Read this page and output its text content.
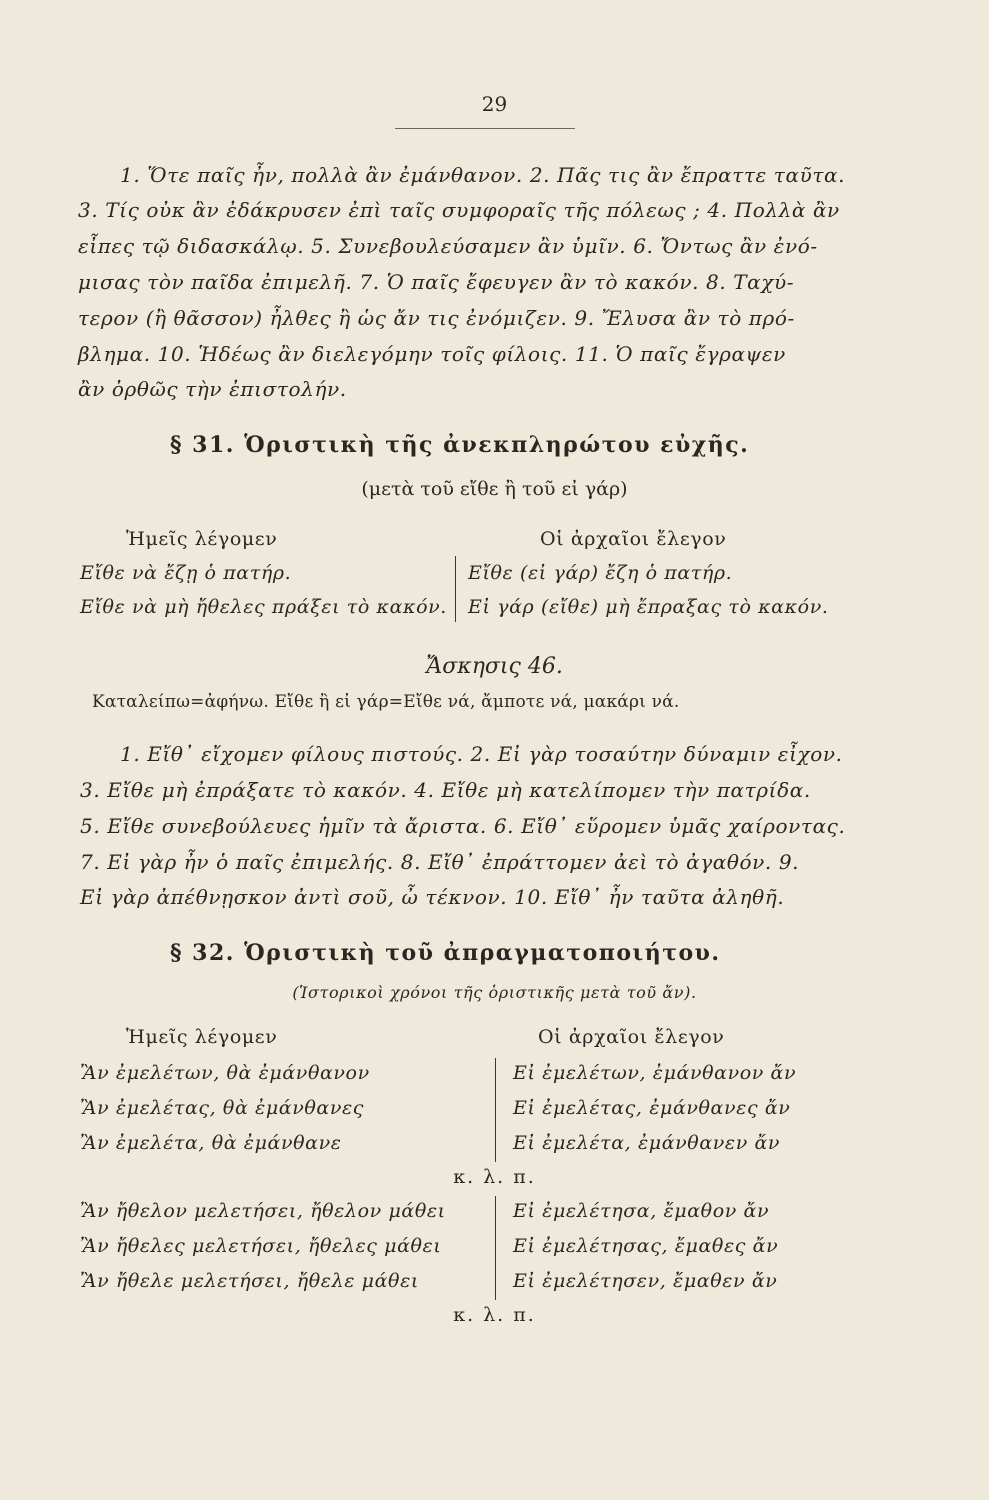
29
1. Ὅτε παῖς ἦν, πολλὰ ἂν ἐμάνθανον. 2. Πᾶς τις ἂν ἔπραττε ταῦτα.
3. Τίς οὐκ ἂν ἐδάκρυσεν ἐπὶ ταῖς συμφοραῖς τῆς πόλεως ; 4. Πολλὰ ἂν
εἶπες τῷ διδασκάλῳ. 5. Συνεβουλεύσαμεν ἂν ὑμῖν. 6. Ὄντως ἂν ἐνό-
μισας τὸν παῖδα ἐπιμελῆ. 7. Ὁ παῖς ἔφευγεν ἂν τὸ κακόν. 8. Ταχύ-
τερον (ἢ θᾶσσον) ἦλθες ἢ ὡς ἄν τις ἐνόμιζεν. 9. Ἔλυσα ἂν τὸ πρό-
βλημα. 10. Ἡδέως ἂν διελεγόμην τοῖς φίλοις. 11. Ὁ παῖς ἔγραψεν
ἂν ὀρθῶς τὴν ἐπιστολήν.
§ 31. Ὁριστικὴ τῆς ἀνεκπληρώτου εὐχῆς.
(μετὰ τοῦ εἴθε ἢ τοῦ εἰ γάρ)
Ἡμεῖς λέγομεν	Οἱ ἀρχαῖοι ἔλεγον
Εἴθε νὰ ἔζῃ ὁ πατήρ.
Εἴθε νὰ μὴ ἤθελες πράξει τὸ κακόν.
Εἴθε (εἰ γάρ) ἔζη ὁ πατήρ.
Εἰ γάρ (εἴθε) μὴ ἔπραξας τὸ κακόν.
Ἄσκησις 46.
Καταλείπω=ἀφήνω. Εἴθε ἢ εἰ γάρ=Εἴθε νά, ἄμποτε νά, μακάρι νά.
1. Εἴθ᾽ εἴχομεν φίλους πιστούς. 2. Εἰ γὰρ τοσαύτην δύναμιν εἶχον.
3. Εἴθε μὴ ἐπράξατε τὸ κακόν. 4. Εἴθε μὴ κατελίπομεν τὴν πατρίδα.
5. Εἴθε συνεβούλευες ἡμῖν τὰ ἄριστα. 6. Εἴθ᾽ εὕρομεν ὑμᾶς χαίροντας.
7. Εἰ γὰρ ἦν ὁ παῖς ἐπιμελής. 8. Εἴθ᾽ ἐπράττομεν ἀεὶ τὸ ἀγαθόν. 9.
Εἰ γὰρ ἀπέθνῃσκον ἀντὶ σοῦ, ὦ τέκνον. 10. Εἴθ᾽ ἦν ταῦτα ἀληθῆ.
§ 32. Ὁριστικὴ τοῦ ἀπραγματοποιήτου.
(Ἱστορικοὶ χρόνοι τῆς ὁριστικῆς μετὰ τοῦ ἄν).
Ἡμεῖς λέγομεν	Οἱ ἀρχαῖοι ἔλεγον
Ἂν ἐμελέτων, θὰ ἐμάνθανον
Ἂν ἐμελέτας, θὰ ἐμάνθανες
Ἂν ἐμελέτα, θὰ ἐμάνθανε
Εἰ ἐμελέτων, ἐμάνθανον ἄν
Εἰ ἐμελέτας, ἐμάνθανες ἄν
Εἰ ἐμελέτα, ἐμάνθανεν ἄν
κ. λ. π.
Ἂν ἤθελον μελετήσει, ἤθελον μάθει
Ἂν ἤθελες μελετήσει, ἤθελες μάθει
Ἂν ἤθελε μελετήσει, ἤθελε μάθει
Εἰ ἐμελέτησα, ἔμαθον ἄν
Εἰ ἐμελέτησας, ἔμαθες ἄν
Εἰ ἐμελέτησεν, ἔμαθεν ἄν
κ. λ. π.
